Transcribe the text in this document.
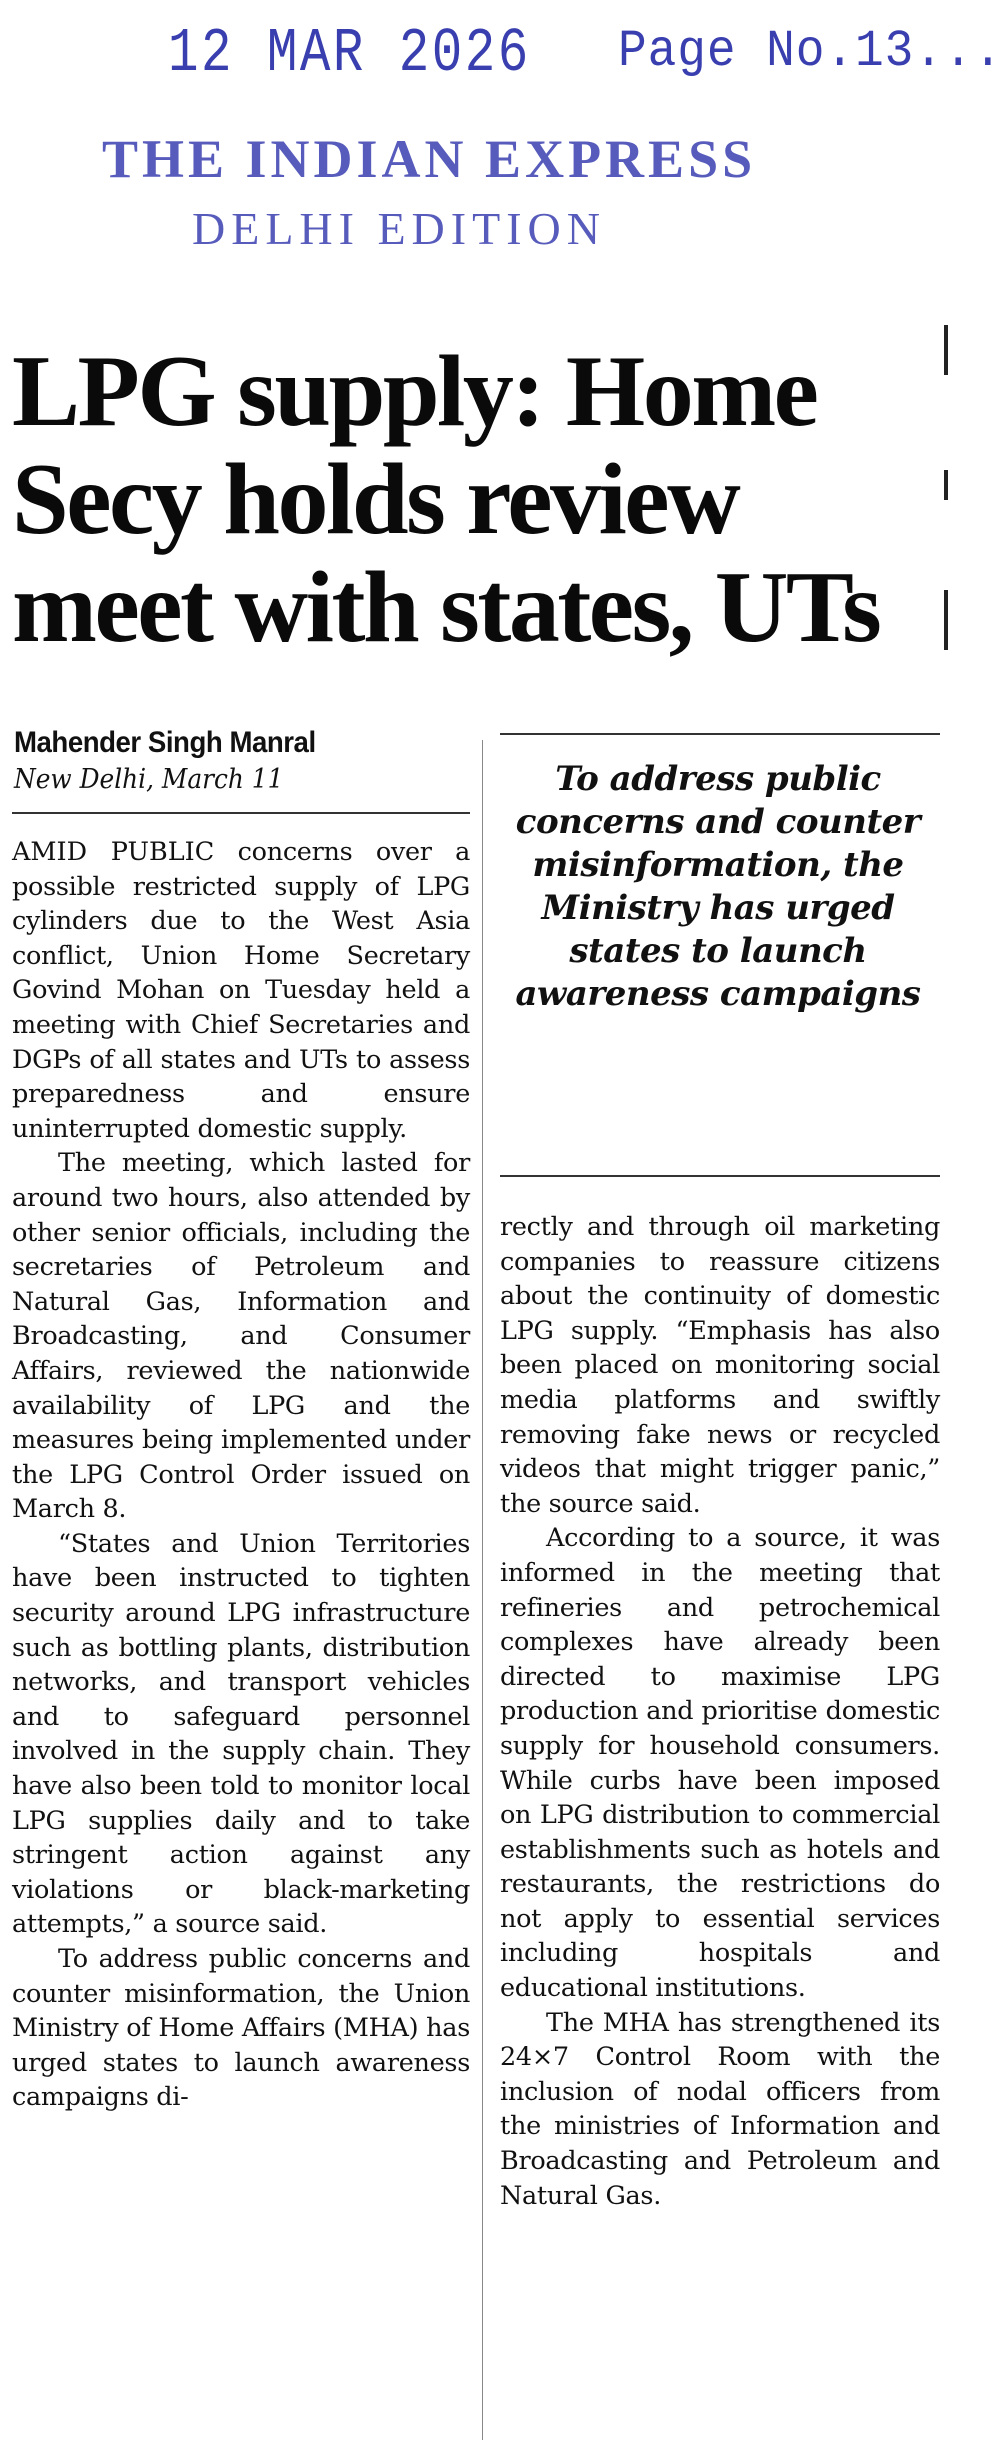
12 MAR 2026 Page No.13...
THE INDIAN EXPRESS
DELHI EDITION
LPG supply: Home
Secy holds review
meet with states, UTs
Mahender Singh Manral
New Delhi, March 11	To address public concerns and counter misinformation, the Ministry has urged states to launch awareness campaigns

AMID PUBLIC concerns over a possible restricted supply of LPG cylinders due to the West Asia conflict, Union Home Secretary Govind Mohan on Tuesday held a meeting with Chief Secretaries and DGPs of all states and UTs to assess preparedness and ensure uninterrupted domestic supply.

The meeting, which lasted for around two hours, also attended by other senior officials, including the secretaries of Petroleum and Natural Gas, Information and Broadcasting, and Consumer Affairs, reviewed the nationwide availability of LPG and the measures being implemented under the LPG Control Order issued on March 8.

“States and Union Territories have been instructed to tighten security around LPG infrastructure such as bottling plants, distribution networks, and transport vehicles and to safeguard personnel involved in the supply chain. They have also been told to monitor local LPG supplies daily and to take stringent action against any violations or black-marketing attempts,” a source said.

To address public concerns and counter misinformation, the Union Ministry of Home Affairs (MHA) has urged states to launch awareness campaigns di-

rectly and through oil marketing companies to reassure citizens about the continuity of domestic LPG supply. “Emphasis has also been placed on monitoring social media platforms and swiftly removing fake news or recycled videos that might trigger panic,” the source said.

According to a source, it was informed in the meeting that refineries and petrochemical complexes have already been directed to maximise LPG production and prioritise domestic supply for household consumers. While curbs have been imposed on LPG distribution to commercial establishments such as hotels and restaurants, the restrictions do not apply to essential services including hospitals and educational institutions.

The MHA has strengthened its 24×7 Control Room with the inclusion of nodal officers from the ministries of Information and Broadcasting and Petroleum and Natural Gas.
